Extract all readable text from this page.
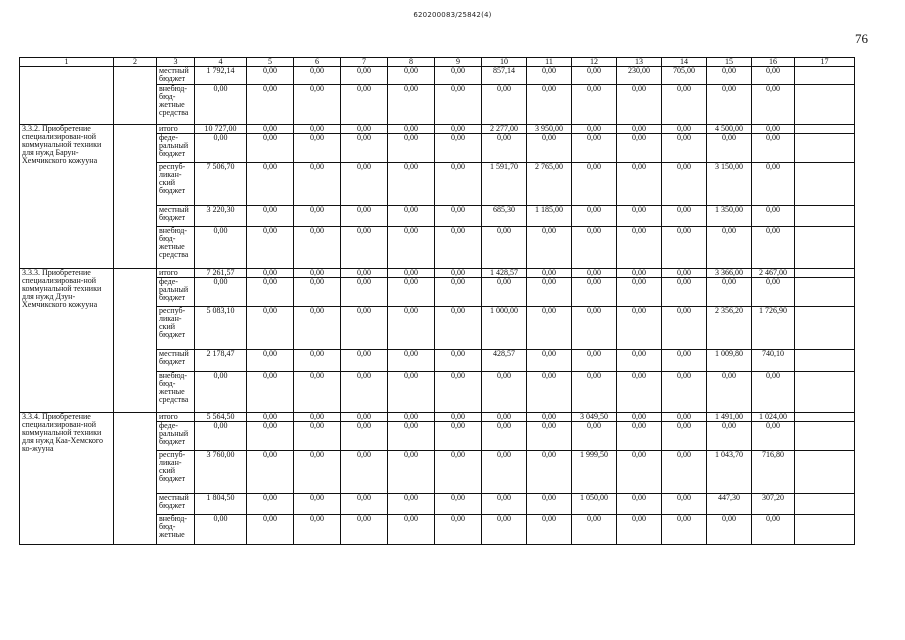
620200083/25842(4)
76
1	2	3	4	5	6	7	8	9	10	11	12	13	14	15	16	17
		местный бюджет	1 792,14	0,00	0,00	0,00	0,00	0,00	857,14	0,00	0,00	230,00	705,00	0,00	0,00	
		внебюд-бюд-жетные средства	0,00	0,00	0,00	0,00	0,00	0,00	0,00	0,00	0,00	0,00	0,00	0,00	0,00	
3.3.2. Приобретение специализирован-ной коммунальной техники для нужд Барун-Хемчикского кожууна		итого	10 727,00	0,00	0,00	0,00	0,00	0,00	2 277,00	3 950,00	0,00	0,00	0,00	4 500,00	0,00	
		феде-ральный бюджет	0,00	0,00	0,00	0,00	0,00	0,00	0,00	0,00	0,00	0,00	0,00	0,00	0,00	
		респуб-ликан-ский бюджет	7 506,70	0,00	0,00	0,00	0,00	0,00	1 591,70	2 765,00	0,00	0,00	0,00	3 150,00	0,00	
		местный бюджет	3 220,30	0,00	0,00	0,00	0,00	0,00	685,30	1 185,00	0,00	0,00	0,00	1 350,00	0,00	
		внебюд-бюд-жетные средства	0,00	0,00	0,00	0,00	0,00	0,00	0,00	0,00	0,00	0,00	0,00	0,00	0,00	
3.3.3. Приобретение специализирован-ной коммунальной техники для нужд Дзун-Хемчикского кожууна		итого	7 261,57	0,00	0,00	0,00	0,00	0,00	1 428,57	0,00	0,00	0,00	0,00	3 366,00	2 467,00	
		феде-ральный бюджет	0,00	0,00	0,00	0,00	0,00	0,00	0,00	0,00	0,00	0,00	0,00	0,00	0,00	
		респуб-ликан-ский бюджет	5 083,10	0,00	0,00	0,00	0,00	0,00	1 000,00	0,00	0,00	0,00	0,00	2 356,20	1 726,90	
		местный бюджет	2 178,47	0,00	0,00	0,00	0,00	0,00	428,57	0,00	0,00	0,00	0,00	1 009,80	740,10	
		внебюд-бюд-жетные средства	0,00	0,00	0,00	0,00	0,00	0,00	0,00	0,00	0,00	0,00	0,00	0,00	0,00	
3.3.4. Приобретение специализирован-ной коммунальной техники для нужд Каа-Хемского ко-жууна		итого	5 564,50	0,00	0,00	0,00	0,00	0,00	0,00	0,00	3 049,50	0,00	0,00	1 491,00	1 024,00	
		феде-ральный бюджет	0,00	0,00	0,00	0,00	0,00	0,00	0,00	0,00	0,00	0,00	0,00	0,00	0,00	
		респуб-ликан-ский бюджет	3 760,00	0,00	0,00	0,00	0,00	0,00	0,00	0,00	1 999,50	0,00	0,00	1 043,70	716,80	
		местный бюджет	1 804,50	0,00	0,00	0,00	0,00	0,00	0,00	0,00	1 050,00	0,00	0,00	447,30	307,20	
		внебюд-бюд-жетные	0,00	0,00	0,00	0,00	0,00	0,00	0,00	0,00	0,00	0,00	0,00	0,00	0,00	
